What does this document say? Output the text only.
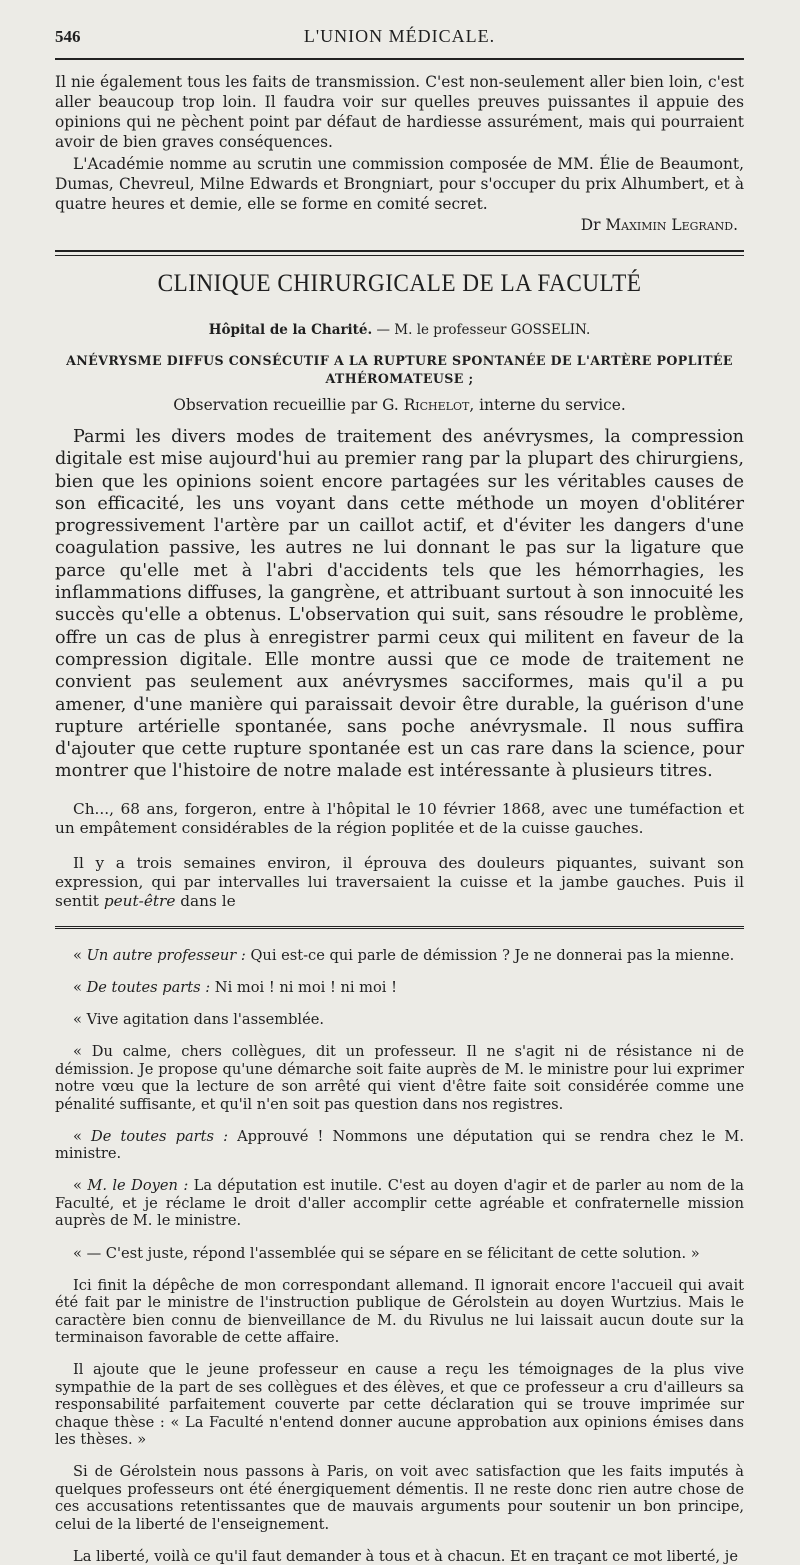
546	L'UNION MÉDICALE.

Il nie également tous les faits de transmission. C'est non-seulement aller bien loin, c'est aller beaucoup trop loin. Il faudra voir sur quelles preuves puissantes il appuie des opinions qui ne pèchent point par défaut de hardiesse assurément, mais qui pourraient avoir de bien graves conséquences.

L'Académie nomme au scrutin une commission composée de MM. Élie de Beaumont, Dumas, Chevreul, Milne Edwards et Brongniart, pour s'occuper du prix Alhumbert, et à quatre heures et demie, elle se forme en comité secret.

Dr Maximin Legrand.
CLINIQUE CHIRURGICALE DE LA FACULTÉ
Hôpital de la Charité. — M. le professeur GOSSELIN.
ANÉVRYSME DIFFUS CONSÉCUTIF A LA RUPTURE SPONTANÉE DE L'ARTÈRE POPLITÉE ATHÉROMATEUSE ;
Observation recueillie par G. Richelot, interne du service.

Parmi les divers modes de traitement des anévrysmes, la compression digitale est mise aujourd'hui au premier rang par la plupart des chirurgiens, bien que les opinions soient encore partagées sur les véritables causes de son efficacité, les uns voyant dans cette méthode un moyen d'oblitérer progressivement l'artère par un caillot actif, et d'éviter les dangers d'une coagulation passive, les autres ne lui donnant le pas sur la ligature que parce qu'elle met à l'abri d'accidents tels que les hémorrhagies, les inflammations diffuses, la gangrène, et attribuant surtout à son innocuité les succès qu'elle a obtenus. L'observation qui suit, sans résoudre le problème, offre un cas de plus à enregistrer parmi ceux qui militent en faveur de la compression digitale. Elle montre aussi que ce mode de traitement ne convient pas seulement aux anévrysmes sacciformes, mais qu'il a pu amener, d'une manière qui paraissait devoir être durable, la guérison d'une rupture artérielle spontanée, sans poche anévrysmale. Il nous suffira d'ajouter que cette rupture spontanée est un cas rare dans la science, pour montrer que l'histoire de notre malade est intéressante à plusieurs titres.

Ch..., 68 ans, forgeron, entre à l'hôpital le 10 février 1868, avec une tuméfaction et un empâtement considérables de la région poplitée et de la cuisse gauches.

Il y a trois semaines environ, il éprouva des douleurs piquantes, suivant son expression, qui par intervalles lui traversaient la cuisse et la jambe gauches. Puis il sentit peut-être dans le

« Un autre professeur : Qui est-ce qui parle de démission ? Je ne donnerai pas la mienne.

« De toutes parts : Ni moi ! ni moi ! ni moi !

« Vive agitation dans l'assemblée.

« Du calme, chers collègues, dit un professeur. Il ne s'agit ni de résistance ni de démission. Je propose qu'une démarche soit faite auprès de M. le ministre pour lui exprimer notre vœu que la lecture de son arrêté qui vient d'être faite soit considérée comme une pénalité suffisante, et qu'il n'en soit pas question dans nos registres.

« De toutes parts : Approuvé ! Nommons une députation qui se rendra chez le M. ministre.

« M. le Doyen : La députation est inutile. C'est au doyen d'agir et de parler au nom de la Faculté, et je réclame le droit d'aller accomplir cette agréable et confraternelle mission auprès de M. le ministre.

« — C'est juste, répond l'assemblée qui se sépare en se félicitant de cette solution. »

Ici finit la dépêche de mon correspondant allemand. Il ignorait encore l'accueil qui avait été fait par le ministre de l'instruction publique de Gérolstein au doyen Wurtzius. Mais le caractère bien connu de bienveillance de M. du Rivulus ne lui laissait aucun doute sur la terminaison favorable de cette affaire.

Il ajoute que le jeune professeur en cause a reçu les témoignages de la plus vive sympathie de la part de ses collègues et des élèves, et que ce professeur a cru d'ailleurs sa responsabilité parfaitement couverte par cette déclaration qui se trouve imprimée sur chaque thèse : « La Faculté n'entend donner aucune approbation aux opinions émises dans les thèses. »

Si de Gérolstein nous passons à Paris, on voit avec satisfaction que les faits imputés à quelques professeurs ont été énergiquement démentis. Il ne reste donc rien autre chose de ces accusations retentissantes que de mauvais arguments pour soutenir un bon principe, celui de la liberté de l'enseignement.

La liberté, voilà ce qu'il faut demander à tous et à chacun. Et en traçant ce mot liberté, je
